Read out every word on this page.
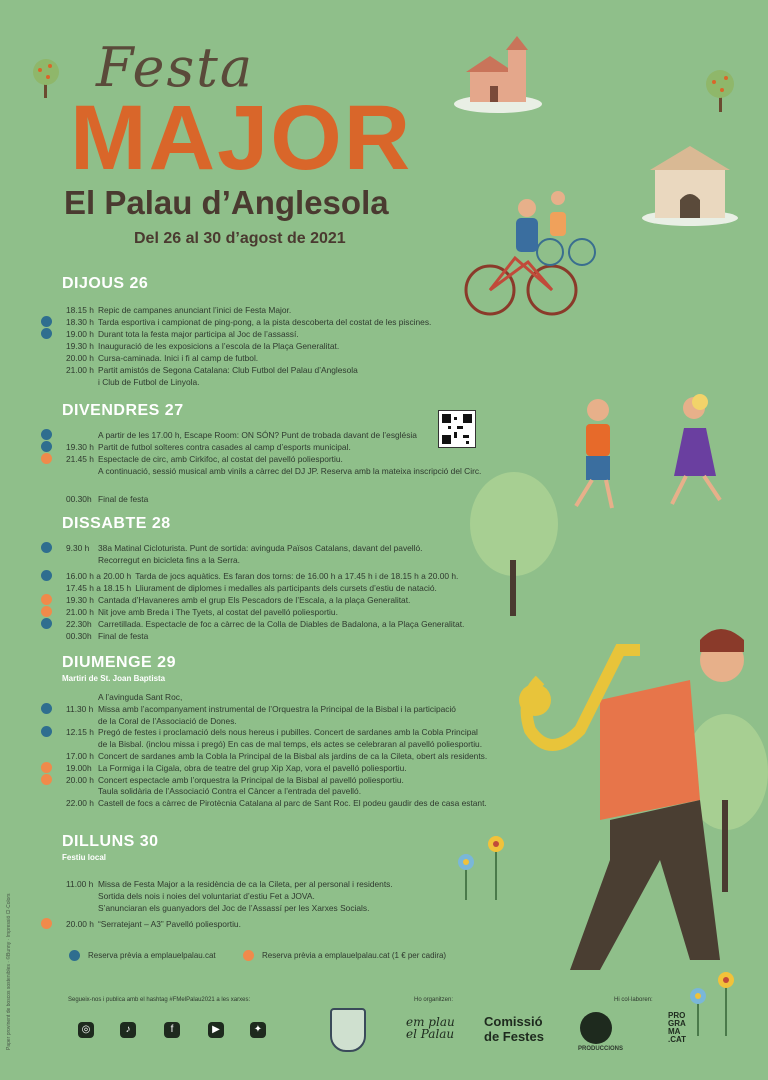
Festa
MAJOR
El Palau d’Anglesola
Del 26 al 30 d’agost de 2021
DIJOUS 26
18.15 h Repic de campanes anunciant l’inici de Festa Major.
18.30 h Tarda esportiva i campionat de ping-pong, a la pista descoberta del costat de les piscines.
19.00 h Durant tota la festa major participa al Joc de l’assassí.
19.30 h Inauguració de les exposicions a l’escola de la Plaça Generalitat.
20.00 h Cursa-caminada. Inici i fi al camp de futbol.
21.00 h Partit amistós de Segona Catalana: Club Futbol del Palau d’Anglesola
i Club de Futbol de Linyola.
DIVENDRES 27
A partir de les 17.00 h, Escape Room: ON SÓN? Punt de trobada davant de l’església
19.30 h Partit de futbol solteres contra casades al camp d’esports municipal.
21.45 h Espectacle de circ, amb Cirkifoc, al costat del pavelló poliesportiu.
A continuació, sessió musical amb vinils a càrrec del DJ JP. Reserva amb la mateixa inscripció del Circ.
00.30h Final de festa
DISSABTE 28
9.30 h 38a Matinal Cicloturista. Punt de sortida: avinguda Països Catalans, davant del pavelló.
Recorregut en bicicleta fins a la Serra.
16.00 h a 20.00 h Tarda de jocs aquàtics. Es faran dos torns: de 16.00 h a 17.45 h i de 18.15 h a 20.00 h.
17.45 h a 18.15 h Lliurament de diplomes i medalles als participants dels cursets d’estiu de natació.
19.30 h Cantada d’Havaneres amb el grup Els Pescadors de l’Escala, a la plaça Generalitat.
21.00 h Nit jove amb Breda i The Tyets, al costat del pavelló poliesportiu.
22.30h Carretillada. Espectacle de foc a càrrec de la Colla de Diables de Badalona, a la Plaça Generalitat.
00.30h Final de festa
DIUMENGE 29
Martiri de St. Joan Baptista
A l’avinguda Sant Roc,
11.30 h Missa amb l’acompanyament instrumental de l’Orquestra la Principal de la Bisbal i la participació
de la Coral de l’Associació de Dones.
12.15 h Pregó de festes i proclamació dels nous hereus i pubilles. Concert de sardanes amb la Cobla Principal
de la Bisbal. (inclou missa i pregó) En cas de mal temps, els actes se celebraran al pavelló poliesportiu.
17.00 h Concert de sardanes amb la Cobla la Principal de la Bisbal als jardins de ca la Cileta, obert als residents.
19.00h La Formiga i la Cigala, obra de teatre del grup Xip Xap, vora el pavelló poliesportiu.
20.00 h Concert espectacle amb l’orquestra la Principal de la Bisbal al pavelló poliesportiu.
Taula solidària de l’Associació Contra el Càncer a l’entrada del pavelló.
22.00 h Castell de focs a càrrec de Pirotècnia Catalana al parc de Sant Roc. El podeu gaudir des de casa estant.
DILLUNS 30
Festiu local
11.00 h Missa de Festa Major a la residència de ca la Cileta, per al personal i residents.
Sortida dels nois i noies del voluntariat d’estiu Fet a JOVA.
S’anunciaran els guanyadors del Joc de l’Assassí per les Xarxes Socials.
20.00 h “Serratejant – A3” Pavelló poliesportiu.
Reserva prèvia a emplauelpalau.cat	Reserva prèvia a emplauelpalau.cat (1 € per cadira)
Segueix-nos i publica amb el hashtag #FMelPalau2021 a les xarxes:	Ho organitzen:	Hi col·laboren:
◎	♪	f	▶	✦
em plau el Palau
Comissió
de Festes
PRODUCCIONS
PRO GRA MA .CAT
Paper provinent de boscos sostenibles · ©Bunny · Impressió Cl·Colors
